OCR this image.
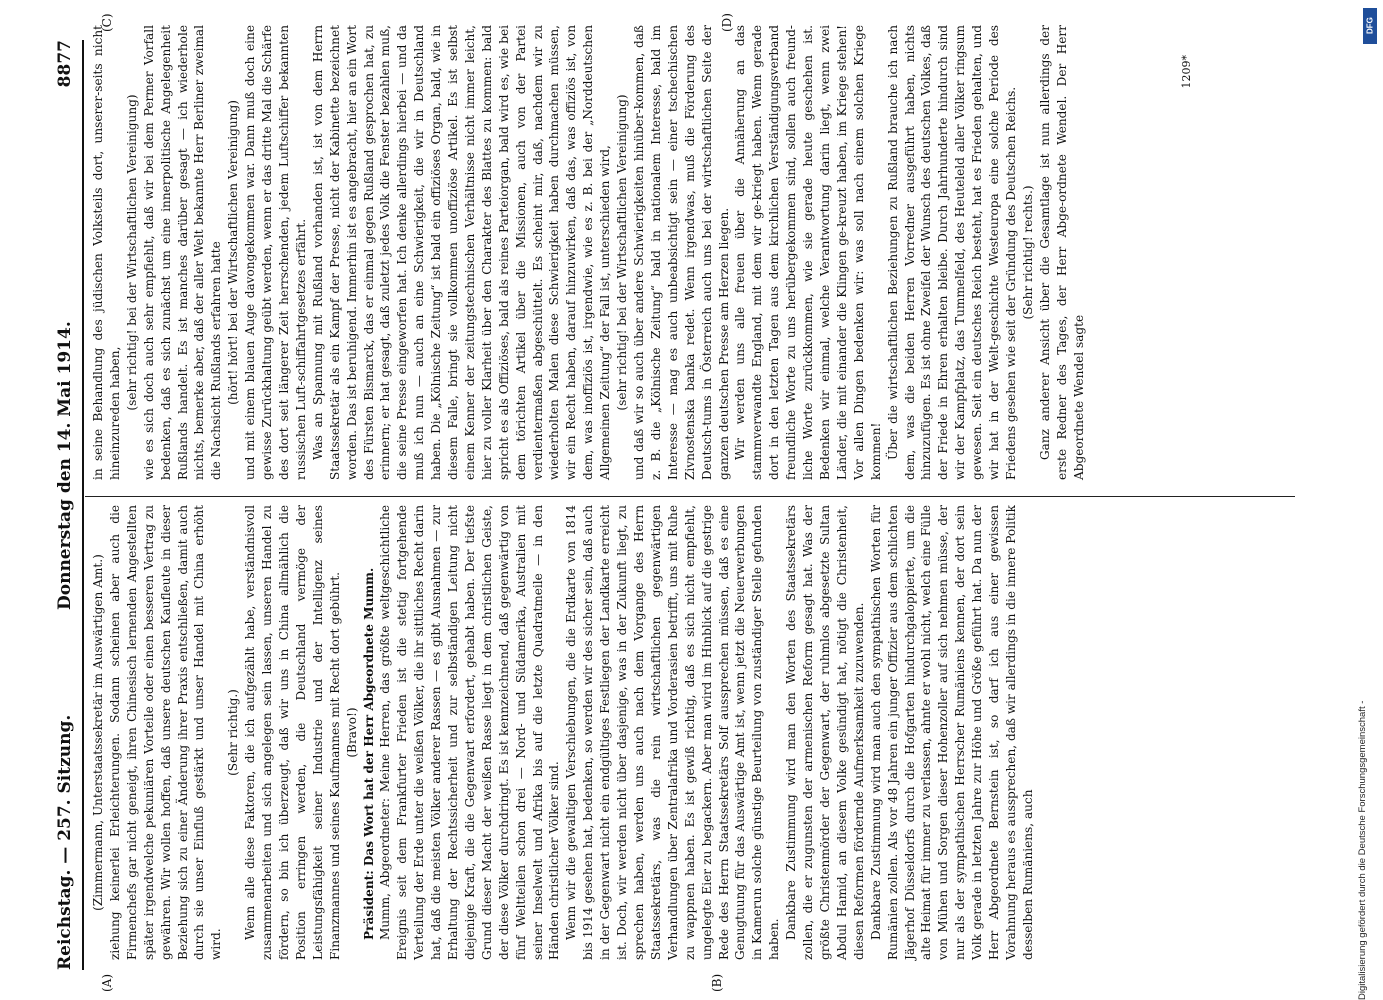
Reichstag. — 257. Sitzung.
Donnerstag den 14. Mai 1914.
8877
(A)	(B)
(C)	(D)

(Zimmermann, Unterstaatssekretär im Auswärtigen Amt.) ziehung keinerlei Erleichterungen. Sodann scheinen aber auch die Firmenchefs gar nicht geneigt, ihren Chinesisch lernenden Angestellten später irgendwelche pekuniären Vorteile oder einen besseren Vertrag zu gewähren. Wir wollen hoffen, daß unsere deutschen Kaufleute in dieser Beziehung sich zu einer Änderung ihrer Praxis entschließen, damit auch durch sie unser Einfluß gestärkt und unser Handel mit China erhöht wird.

(Sehr richtig.) Wenn alle diese Faktoren, die ich aufgezählt habe, verständnisvoll zusammenarbeiten und sich angelegen sein lassen, unseren Handel zu fördern, so bin ich überzeugt, daß wir uns in China allmählich die Position erringen werden, die Deutschland vermöge der Leistungsfähigkeit seiner Industrie und der Intelligenz seines Finanzmannes und seines Kaufmannes mit Recht dort gebührt. (Bravo!) Präsident: Das Wort hat der Herr Abgeordnete Mumm. Mumm, Abgeordneter: Meine Herren, das größte weltgeschichtliche Ereignis seit dem Frankfurter Frieden ist die stetig fortgehende Verteilung der Erde unter die weißen Völker, die ihr sittliches Recht darin hat, daß die meisten Völker anderer Rassen — es gibt Ausnahmen — zur Erhaltung der Rechtssicherheit und zur selbständigen Leitung nicht diejenige Kraft, die die Gegenwart erfordert, gehabt haben. Der tiefste Grund dieser Macht der weißen Rasse liegt in dem christlichen Geiste, der diese Völker durchdringt. Es ist kennzeichnend, daß gegenwärtig von fünf Weltteilen schon drei — Nord- und Südamerika, Australien mit seiner Inselwelt und Afrika bis auf die letzte Quadratmeile — in den Händen christlicher Völker sind. Wenn wir die gewaltigen Verschiebungen, die die Erdkarte von 1814 bis 1914 gesehen hat, bedenken, so werden wir des sicher sein, daß auch in der Gegenwart nicht ein endgültiges Festliegen der Landkarte erreicht ist. Doch, wir werden nicht über dasjenige, was in der Zukunft liegt, zu sprechen haben, werden uns auch nach dem Vorgange des Herrn Staatssekretärs, was die rein wirtschaftlichen gegenwärtigen Verhandlungen über Zentralafrika und Vorderasien betrifft, uns mit Ruhe zu wappnen haben. Es ist gewiß richtig, daß es sich nicht empfiehlt, ungelegte Eier zu begackern. Aber man wird im Hinblick auf die gestrige Rede des Herrn Staatssekretärs Solf aussprechen müssen, daß es eine Genugtuung für das Auswärtige Amt ist, wenn jetzt die Neuerwerbungen in Kamerun solche günstige Beurteilung von zuständiger Stelle gefunden haben. Dankbare Zustimmung wird man den Worten des Staatssekretärs zollen, die er zugunsten der armenischen Reform gesagt hat. Was der größte Christenmörder der Gegenwart, der ruhmlos abgesetzte Sultan Abdul Hamid, an diesem Volke gesündigt hat, nötigt die Christenheit, diesen Reformen fördernde Aufmerksamkeit zuzuwenden. Dankbare Zustimmung wird man auch den sympathischen Worten für Rumänien zollen. Als vor 48 Jahren ein junger Offizier aus dem schlichten Jägerhof Düsseldorfs durch die Hofgarten hindurchgaloppierte, um die alte Heimat für immer zu verlassen, ahnte er wohl nicht, welch eine Fülle von Mühen und Sorgen dieser Hohenzoller auf sich nehmen müsse, der nur als der sympathischen Herrscher Rumäniens kennen, der dort sein Volk gerade in letzten Jahre zur Höhe und Größe geführt hat. Da nun der Herr Abgeordnete Bernstein ist, so darf ich aus einer gewissen Vorahnung heraus es aussprechen, daß wir allerdings in die innere Politik desselben Rumäniens, auch

in seine Behandlung des jüdischen Volksteils dort, unserer-seits nicht hineinzureden haben,

(sehr richtig! bei der Wirtschaftlichen Vereinigung) wie es sich doch auch sehr empfiehlt, daß wir bei dem Permer Vorfall bedenken, daß es sich zunächst um eine innerpolitische Angelegenheit Rußlands handelt. Es ist manches darüber gesagt — ich wiederhole nichts, bemerke aber, daß der aller Welt bekannte Herr Berliner zweimal die Nachsicht Rußlands erfahren hatte (hört! hört! bei der Wirtschaftlichen Vereinigung) und mit einem blauen Auge davongekommen war. Dann muß doch eine gewisse Zurückhaltung geübt werden, wenn er das dritte Mal die Schärfe des dort seit längerer Zeit herrschenden, jedem Luftschiffer bekannten russischen Luft-schiffahrtgesetzes erfährt. Was an Spannung mit Rußland vorhanden ist, ist von dem Herrn Staatssekretär als ein Kampf der Presse, nicht der Kabinette bezeichnet worden. Das ist beruhigend. Immerhin ist es angebracht, hier an ein Wort des Fürsten Bismarck, das er einmal gegen Rußland gesprochen hat, zu erinnern; er hat gesagt, daß zuletzt jedes Volk die Fenster bezahlen muß, die seine Presse eingeworfen hat. Ich denke allerdings hierbei — und da muß ich nun — auch an eine Schwierigkeit, die wir in Deutschland haben. Die „Kölnische Zeitung“ ist bald ein offiziöses Organ, bald, wie in diesem Falle, bringt sie vollkommen unoffiziöse Artikel. Es ist selbst einem Kenner der zeitungstechnischen Verhältnisse nicht immer leicht, hier zu voller Klarheit über den Charakter des Blattes zu kommen: bald spricht es als Offiziöses, bald als reines Parteiorgan, bald wird es, wie bei dem törichten Artikel über die Missionen, auch von der Partei verdientermaßen abgeschüttelt. Es scheint mir, daß, nachdem wir zu wiederholten Malen diese Schwierigkeit haben durchmachen müssen, wir ein Recht haben, darauf hinzuwirken, daß das, was offiziös ist, von dem, was inoffiziös ist, irgendwie, wie es z. B. bei der „Norddeutschen Allgemeinen Zeitung“ der Fall ist, unterschieden wird, (sehr richtig! bei der Wirtschaftlichen Vereinigung) und daß wir so auch über andere Schwierigkeiten hinüber-kommen, daß z. B. die „Kölnische Zeitung“ bald in nationalem Interesse, bald im Interesse — mag es auch unbeabsichtigt sein — einer tschechischen Zivnostenska banka redet. Wenn irgendwas, muß die Förderung des Deutsch-tums in Österreich auch uns bei der wirtschaftlichen Seite der ganzen deutschen Presse am Herzen liegen. Wir werden uns alle freuen über die Annäherung an das stammverwandte England, mit dem wir ge-kriegt haben. Wenn gerade dort in den letzten Tagen aus dem kirchlichen Verständigungsverband freundliche Worte zu uns herübergekommen sind, sollen auch freund-liche Worte zurückkommen, wie sie gerade heute geschehen ist. Bedenken wir einmal, welche Verantwortung darin liegt, wenn zwei Länder, die mit einander die Klingen ge-kreuzt haben, im Kriege stehen! Vor allen Dingen bedenken wir: was soll nach einem solchen Kriege kommen! Über die wirtschaftlichen Beziehungen zu Rußland brauche ich nach dem, was die beiden Herren Vorredner ausgeführt haben, nichts hinzuzufügen. Es ist ohne Zweifel der Wunsch des deutschen Volkes, daß der Friede in Ehren erhalten bleibe. Durch Jahrhunderte hindurch sind wir der Kampfplatz, das Tummelfeld, des Heuteleld aller Völker ringsum gewesen. Seit ein deutsches Reich besteht, hat es Frieden gehalten, und wir hat in der Welt-geschichte Westeuropa eine solche Periode des Friedens gesehen wie seit der Gründung des Deutschen Reichs. (Sehr richtig! rechts.) Ganz anderer Ansicht über die Gesamtlage ist nun allerdings der erste Redner des Tages, der Herr Abge-ordnete Wendel. Der Herr Abgeordnete Wendel sagte

1209*
Digitalisierung gefördert durch die Deutsche Forschungsgemeinschaft -
DFG
